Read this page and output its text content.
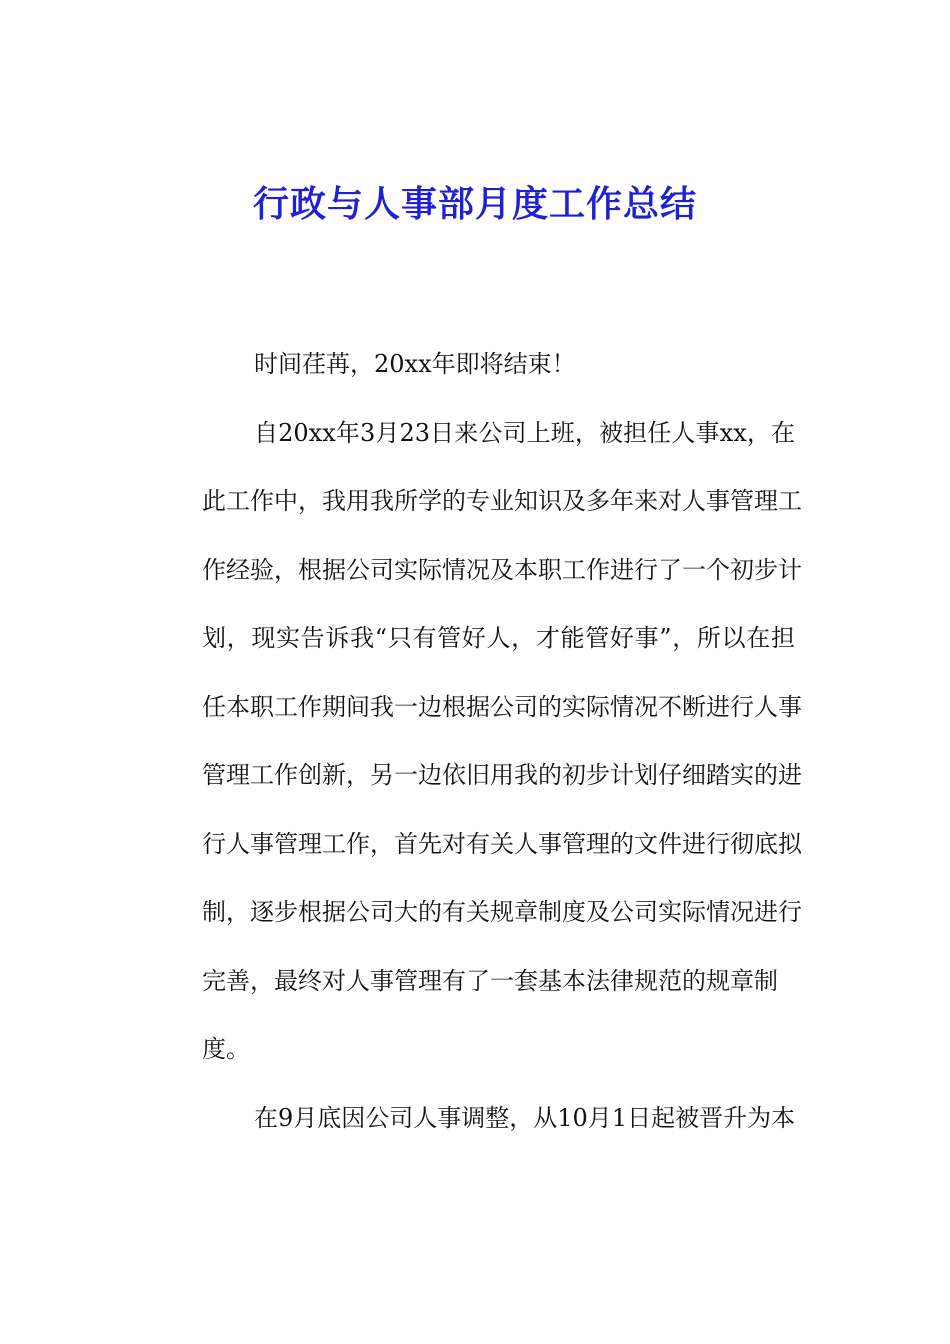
行政与人事部月度工作总结
时间荏苒，20xx年即将结束！
自20xx年3月23日来公司上班，被担任人事xx，在
此工作中，我用我所学的专业知识及多年来对人事管理工
作经验，根据公司实际情况及本职工作进行了一个初步计
划，现实告诉我“只有管好人，才能管好事”，所以在担
任本职工作期间我一边根据公司的实际情况不断进行人事
管理工作创新，另一边依旧用我的初步计划仔细踏实的进
行人事管理工作，首先对有关人事管理的文件进行彻底拟
制，逐步根据公司大的有关规章制度及公司实际情况进行
完善，最终对人事管理有了一套基本法律规范的规章制
度。
在9月底因公司人事调整，从10月1日起被晋升为本
